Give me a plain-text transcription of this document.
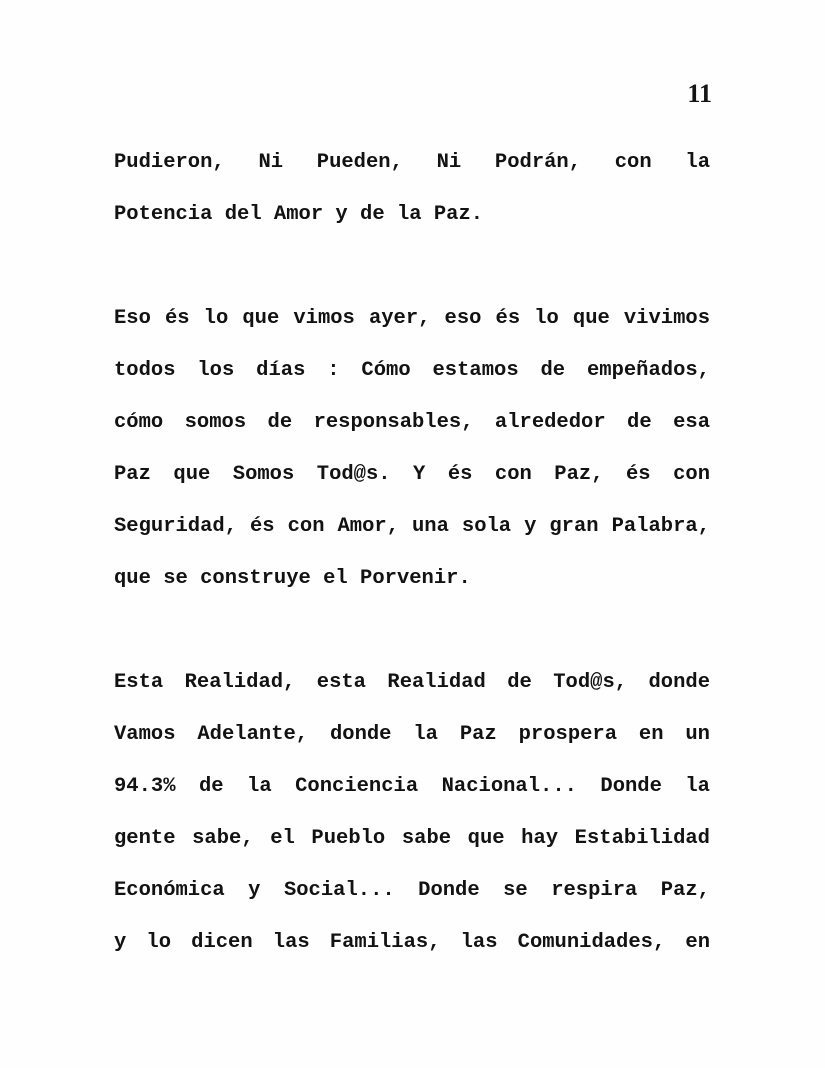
11
Pudieron, Ni Pueden, Ni Podrán, con la
Potencia del Amor y de la Paz.
Eso és lo que vimos ayer, eso és lo que vivimos
todos los días : Cómo estamos de empeñados,
cómo somos de responsables, alrededor de esa
Paz que Somos Tod@s. Y és con Paz, és con
Seguridad, és con Amor, una sola y gran Palabra,
que se construye el Porvenir.
Esta Realidad, esta Realidad de Tod@s, donde
Vamos Adelante, donde la Paz prospera en un
94.3% de la Conciencia Nacional... Donde la
gente sabe, el Pueblo sabe que hay Estabilidad
Económica y Social... Donde se respira Paz,
y lo dicen las Familias, las Comunidades, en
